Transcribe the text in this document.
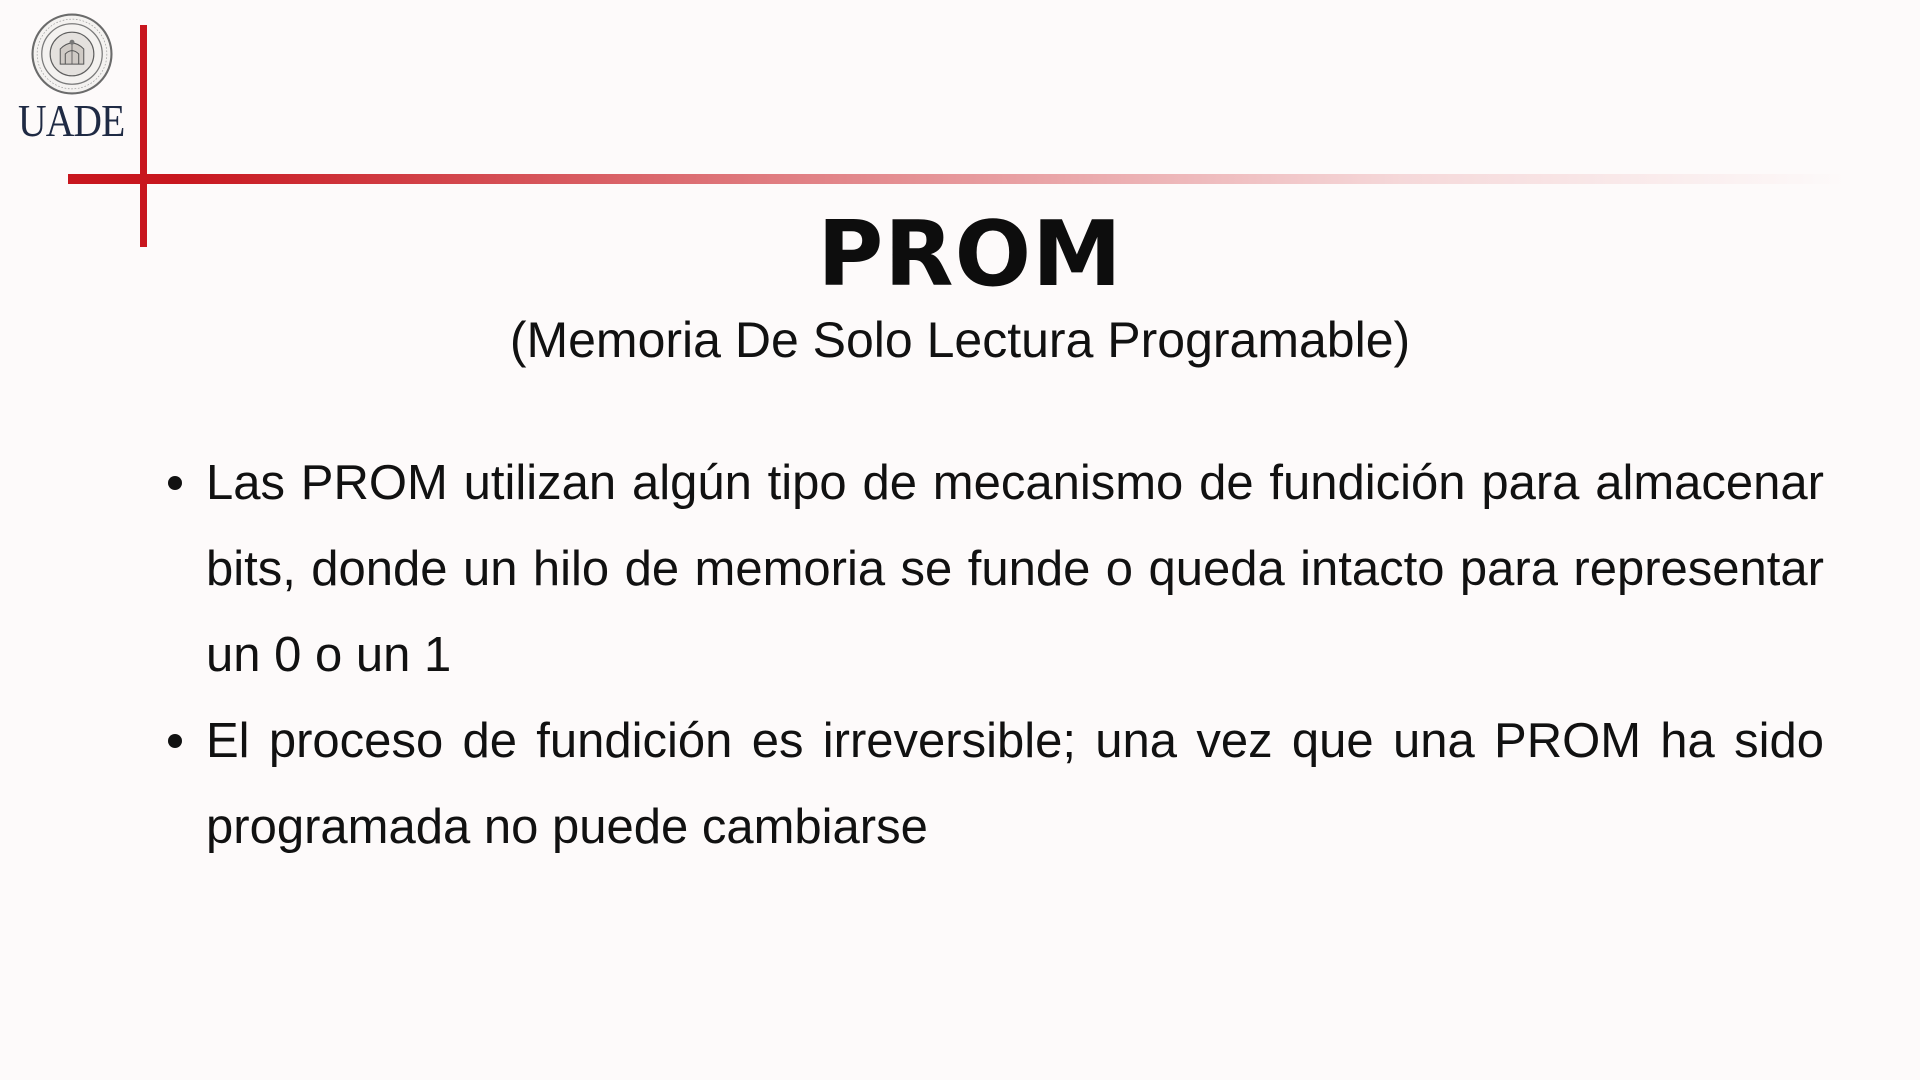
UADE
PROM
(Memoria De Solo Lectura Programable)
Las PROM utilizan algún tipo de mecanismo de fundición para almacenar bits, donde un hilo de memoria se funde o queda intacto para representar un 0 o un 1
El proceso de fundición es irreversible; una vez que una PROM ha sido programada no puede cambiarse
